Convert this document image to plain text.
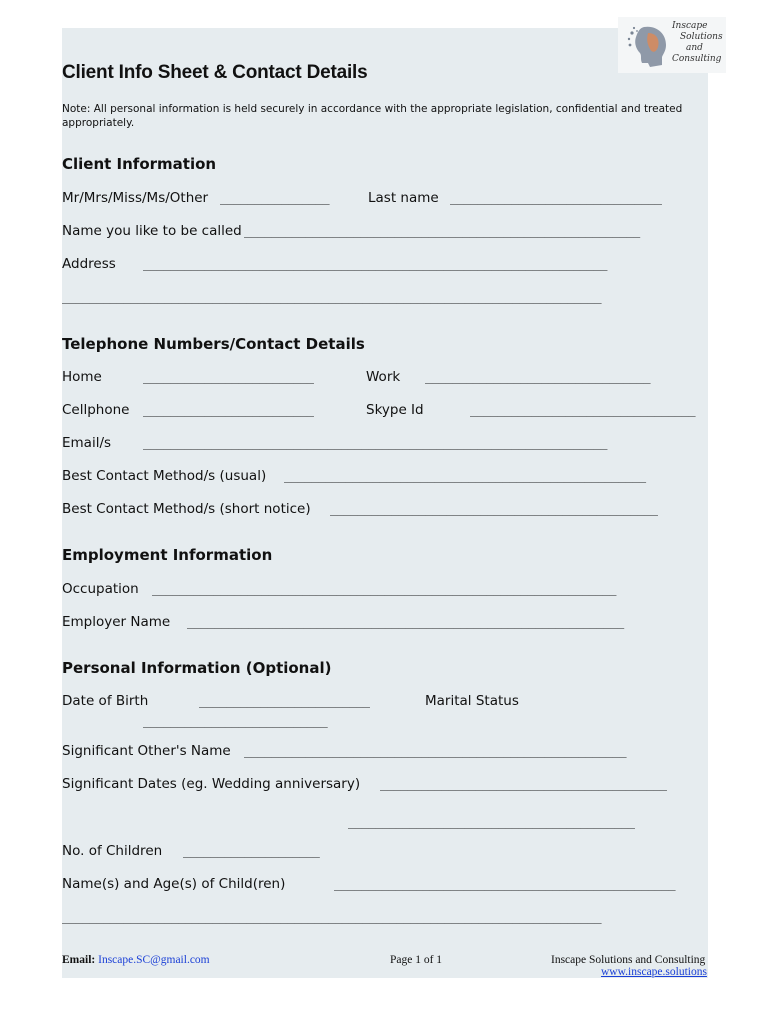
Inscape
Solutions
and
Consulting
Client Info Sheet & Contact Details
Note: All personal information is held securely in accordance with the appropriate legislation, confidential and treated appropriately.
Client Information
Mr/Mrs/Miss/Ms/Other ________________	Last name _______________________________
Name you like to be called __________________________________________________________
Address ____________________________________________________________________
_______________________________________________________________________________
Telephone Numbers/Contact Details
Home	_________________________	Work _________________________________
Cellphone _________________________	Skype Id	_________________________________
Email/s	____________________________________________________________________
Best Contact Method/s (usual) _____________________________________________________
Best Contact Method/s (short notice) ________________________________________________
Employment Information
Occupation ____________________________________________________________________
Employer Name ________________________________________________________________
Personal Information (Optional)
Date of Birth	_________________________	Marital Status
___________________________
Significant Other's Name ________________________________________________________
Significant Dates (eg. Wedding anniversary) __________________________________________
__________________________________________
No. of Children ____________________
Name(s) and Age(s) of Child(ren)	__________________________________________________
_______________________________________________________________________________
Email: Inscape.SC@gmail.com	Page 1 of 1	Inscape Solutions and Consulting
www.inscape.solutions
